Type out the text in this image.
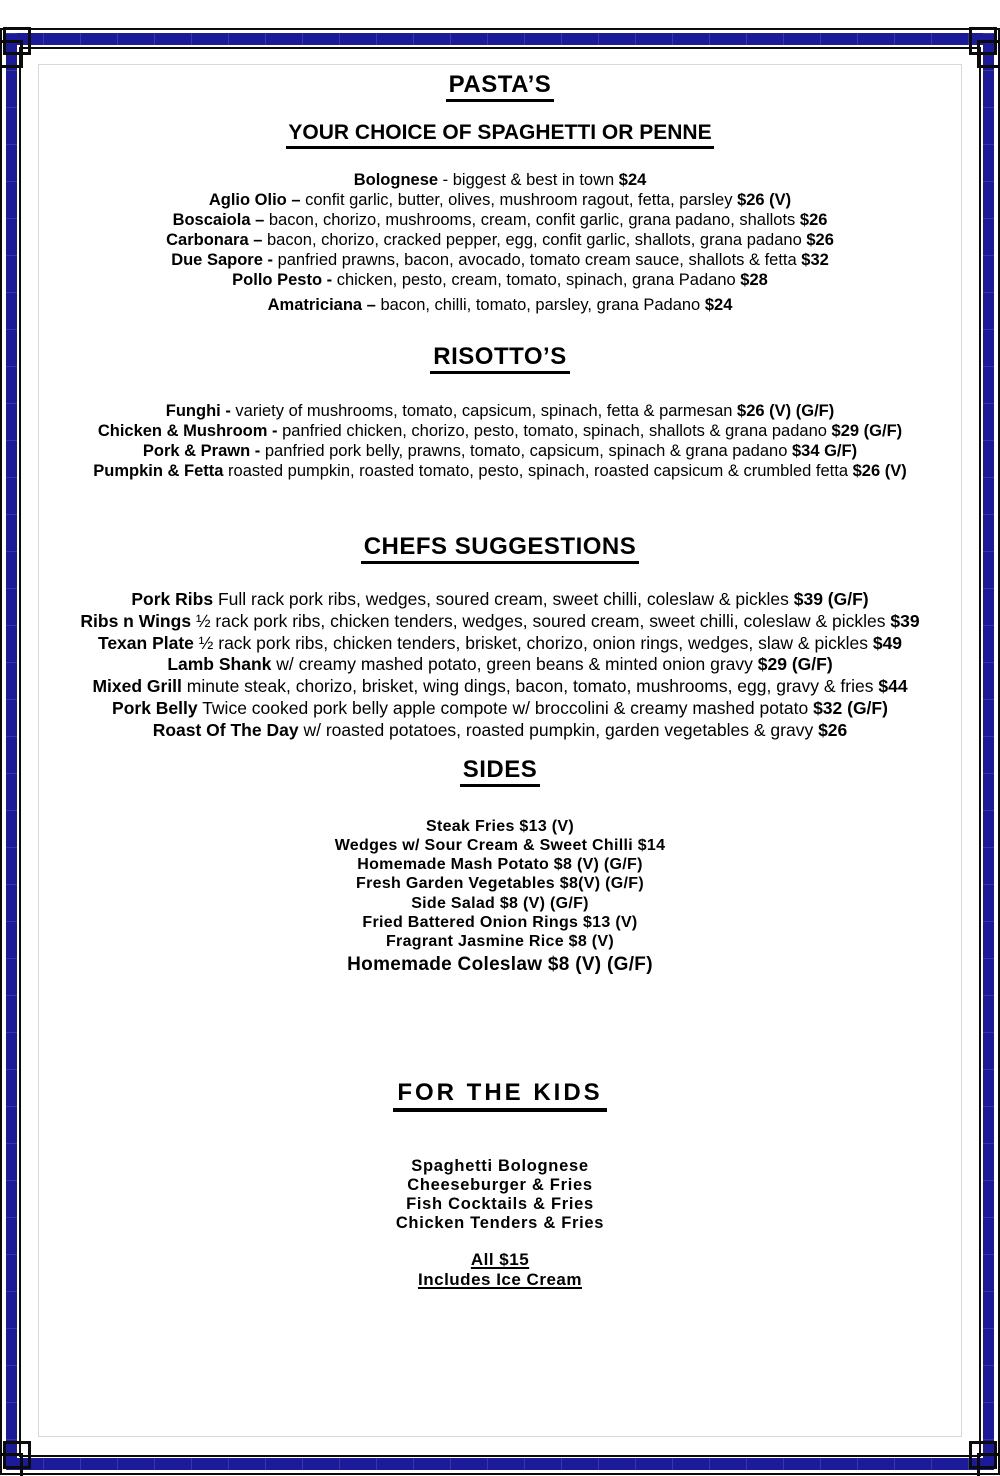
PASTA’S
YOUR CHOICE OF SPAGHETTI OR PENNE
Bolognese - biggest & best in town $24
Aglio Olio – confit garlic, butter, olives, mushroom ragout, fetta, parsley $26 (V)
Boscaiola – bacon, chorizo, mushrooms, cream, confit garlic, grana padano, shallots $26
Carbonara – bacon, chorizo, cracked pepper, egg, confit garlic, shallots, grana padano $26
Due Sapore - panfried prawns, bacon, avocado, tomato cream sauce, shallots & fetta $32
Pollo Pesto - chicken, pesto, cream, tomato, spinach, grana Padano $28
Amatriciana – bacon, chilli, tomato, parsley, grana Padano $24
RISOTTO’S
Funghi - variety of mushrooms, tomato, capsicum, spinach, fetta & parmesan $26 (V) (G/F)
Chicken & Mushroom - panfried chicken, chorizo, pesto, tomato, spinach, shallots & grana padano $29 (G/F)
Pork & Prawn - panfried pork belly, prawns, tomato, capsicum, spinach & grana padano $34 G/F)
Pumpkin & Fetta roasted pumpkin, roasted tomato, pesto, spinach, roasted capsicum & crumbled fetta $26 (V)
CHEFS SUGGESTIONS
Pork Ribs Full rack pork ribs, wedges, soured cream, sweet chilli, coleslaw & pickles $39 (G/F)
Ribs n Wings ½ rack pork ribs, chicken tenders, wedges, soured cream, sweet chilli, coleslaw & pickles $39
Texan Plate ½ rack pork ribs, chicken tenders, brisket, chorizo, onion rings, wedges, slaw & pickles $49
Lamb Shank w/ creamy mashed potato, green beans & minted onion gravy $29 (G/F)
Mixed Grill minute steak, chorizo, brisket, wing dings, bacon, tomato, mushrooms, egg, gravy & fries $44
Pork Belly Twice cooked pork belly apple compote w/ broccolini & creamy mashed potato $32 (G/F)
Roast Of The Day w/ roasted potatoes, roasted pumpkin, garden vegetables & gravy $26
SIDES
Steak Fries $13 (V)
Wedges w/ Sour Cream & Sweet Chilli $14
Homemade Mash Potato $8 (V) (G/F)
Fresh Garden Vegetables $8(V) (G/F)
Side Salad $8 (V) (G/F)
Fried Battered Onion Rings $13 (V)
Fragrant Jasmine Rice $8 (V)
Homemade Coleslaw $8 (V) (G/F)
FOR THE KIDS
Spaghetti Bolognese
Cheeseburger & Fries
Fish Cocktails & Fries
Chicken Tenders & Fries
All $15
Includes Ice Cream
